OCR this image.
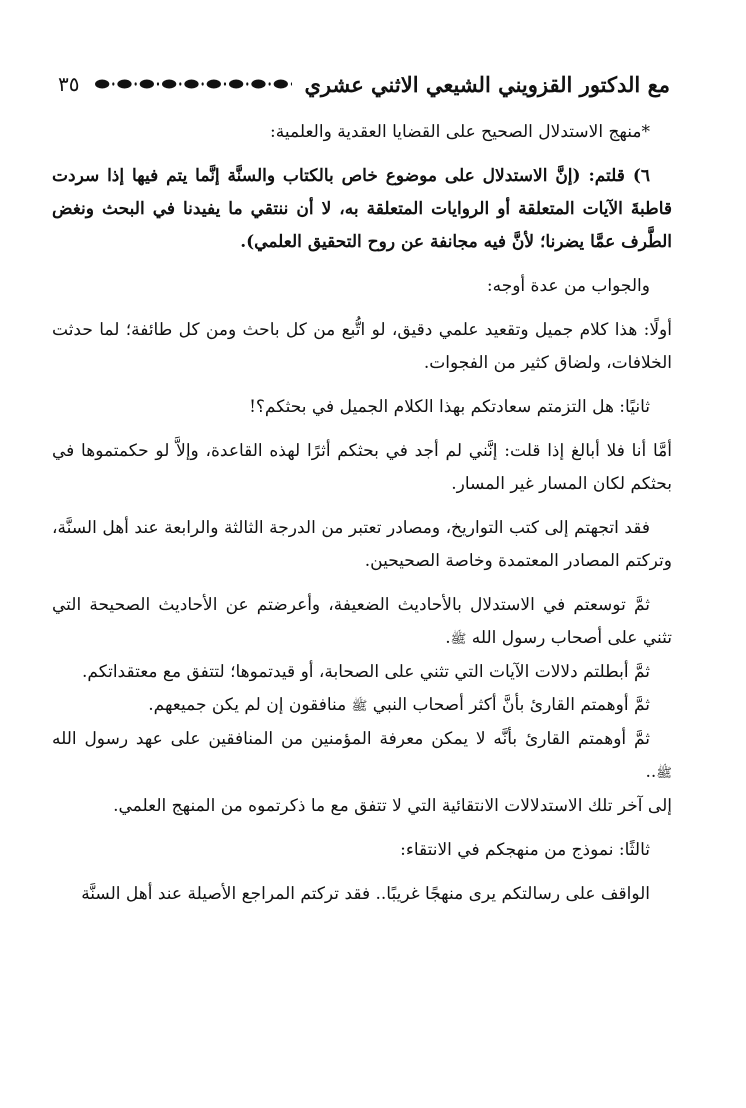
مع الدكتور القزويني الشيعي الاثني عشري
٣٥

*منهج الاستدلال الصحيح على القضايا العقدية والعلمية:

٦) قلتم: (إنَّ الاستدلال على موضوع خاص بالكتاب والسنَّة إنَّما يتم فيها إذا سردت قاطبةَ الآيات المتعلقة أو الروايات المتعلقة به، لا أن ننتقي ما يفيدنا في البحث ونغض الطَّرف عمَّا يضرنا؛ لأنَّ فيه مجانفة عن روح التحقيق العلمي).

والجواب من عدة أوجه:

أولًا: هذا كلام جميل وتقعيد علمي دقيق، لو اتُّبع من كل باحث ومن كل طائفة؛ لما حدثت الخلافات، ولضاق كثير من الفجوات.

ثانيًا: هل التزمتم سعادتكم بهذا الكلام الجميل في بحثكم؟!

أمَّا أنا فلا أبالغ إذا قلت: إنَّني لم أجد في بحثكم أثرًا لهذه القاعدة، وإلاَّ لو حكمتموها في بحثكم لكان المسار غير المسار.

فقد اتجهتم إلى كتب التواريخ، ومصادر تعتبر من الدرجة الثالثة والرابعة عند أهل السنَّة، وتركتم المصادر المعتمدة وخاصة الصحيحين.

ثمَّ توسعتم في الاستدلال بالأحاديث الضعيفة، وأعرضتم عن الأحاديث الصحيحة التي تثني على أصحاب رسول الله ﷺ.

ثمَّ أبطلتم دلالات الآيات التي تثني على الصحابة، أو قيدتموها؛ لتتفق مع معتقداتكم.

ثمَّ أوهمتم القارئ بأنَّ أكثر أصحاب النبي ﷺ منافقون إن لم يكن جميعهم.

ثمَّ أوهمتم القارئ بأنَّه لا يمكن معرفة المؤمنين من المنافقين على عهد رسول الله ﷺ..

إلى آخر تلك الاستدلالات الانتقائية التي لا تتفق مع ما ذكرتموه من المنهج العلمي.

ثالثًا: نموذج من منهجكم في الانتقاء:

الواقف على رسالتكم يرى منهجًا غريبًا.. فقد تركتم المراجع الأصيلة عند أهل السنَّة
